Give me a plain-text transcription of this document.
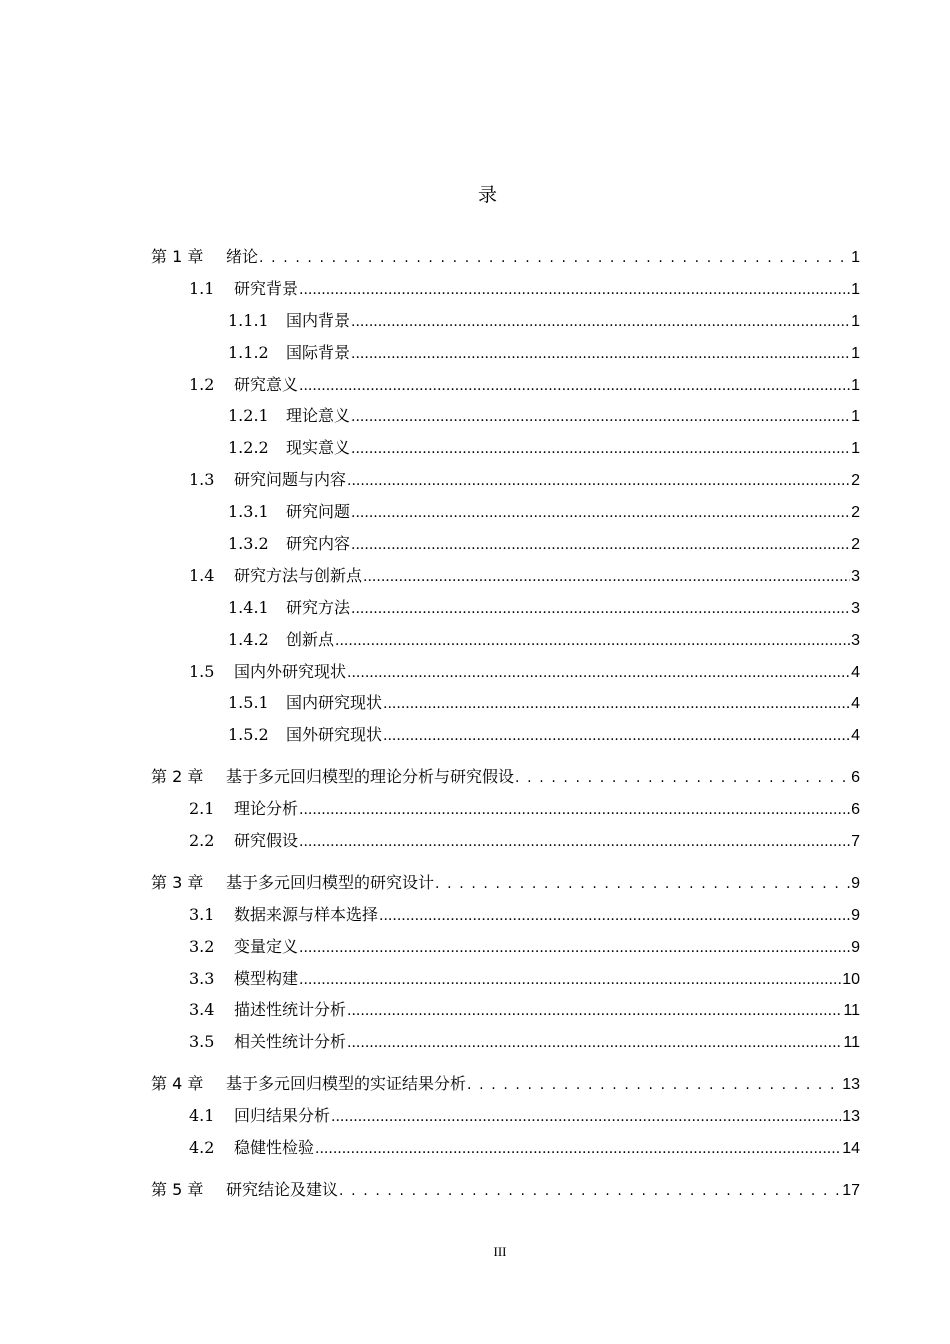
录
第 1 章	绪论 . . .	1
1.1	研究背景 .....	1
1.1.1	国内背景 .....	1
1.1.2	国际背景 .....	1
1.2	研究意义 .....	1
1.2.1	理论意义 .....	1
1.2.2	现实意义 .....	1
1.3	研究问题与内容 .....	2
1.3.1	研究问题 .....	2
1.3.2	研究内容 .....	2
1.4	研究方法与创新点 .....	3
1.4.1	研究方法 .....	3
1.4.2	创新点 .....	3
1.5	国内外研究现状 .....	4
1.5.1	国内研究现状 .....	4
1.5.2	国外研究现状 .....	4
第 2 章	基于多元回归模型的理论分析与研究假设 . . .	6
2.1	理论分析 .....	6
2.2	研究假设 .....	7
第 3 章	基于多元回归模型的研究设计 . . .	9
3.1	数据来源与样本选择 .....	9
3.2	变量定义 .....	9
3.3	模型构建 .....	10
3.4	描述性统计分析 .....	11
3.5	相关性统计分析 .....	11
第 4 章	基于多元回归模型的实证结果分析 . . .	13
4.1	回归结果分析 .....	13
4.2	稳健性检验 .....	14
第 5 章	研究结论及建议 . . .	17
III
